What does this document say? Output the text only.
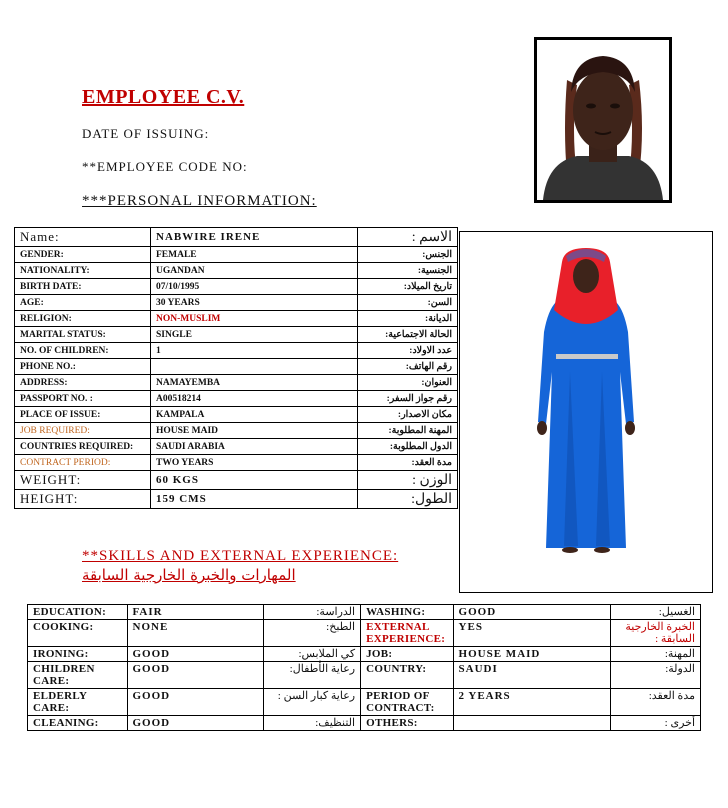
EMPLOYEE C.V.
DATE OF ISSUING:
**EMPLOYEE CODE NO:
***PERSONAL INFORMATION:
Name:	NABWIRE IRENE	الاسم :
GENDER:	FEMALE	الجنس:
NATIONALITY:	UGANDAN	الجنسية:
BIRTH DATE:	07/10/1995	تاريخ الميلاد:
AGE:	30 YEARS	السن:
RELIGION:	NON-MUSLIM	الديانة:
MARITAL STATUS:	SINGLE	الحالة الاجتماعية:
NO. OF CHILDREN:	1	عدد الاولاد:
PHONE NO.:		رقم الهاتف:
ADDRESS:	NAMAYEMBA	العنوان:
PASSPORT NO. :	A00518214	رقم جواز السفر:
PLACE OF ISSUE:	KAMPALA	مكان الاصدار:
JOB REQUIRED:	HOUSE MAID	المهنة المطلوبة:
COUNTRIES REQUIRED:	SAUDI ARABIA	الدول المطلوبة:
CONTRACT PERIOD:	TWO YEARS	مدة العقد:
WEIGHT:	60 KGS	الوزن :
HEIGHT:	159 CMS	الطول:
**SKILLS AND EXTERNAL EXPERIENCE:
المهارات والخبرة الخارجية السابقة
EDUCATION:	FAIR	الدراسة:	WASHING:	GOOD	الغسيل:
COOKING:	NONE	الطبخ:	EXTERNAL EXPERIENCE:	YES	الخبرة الخارجية السابقة :
IRONING:	GOOD	كي الملابس:	JOB:	HOUSE MAID	المهنة:
CHILDREN CARE:	GOOD	رعاية الأطفال:	COUNTRY:	SAUDI	الدولة:
ELDERLY CARE:	GOOD	رعاية كبار السن :	PERIOD OF CONTRACT:	2 YEARS	مدة العقد:
CLEANING:	GOOD	التنظيف:	OTHERS:		أخرى :
